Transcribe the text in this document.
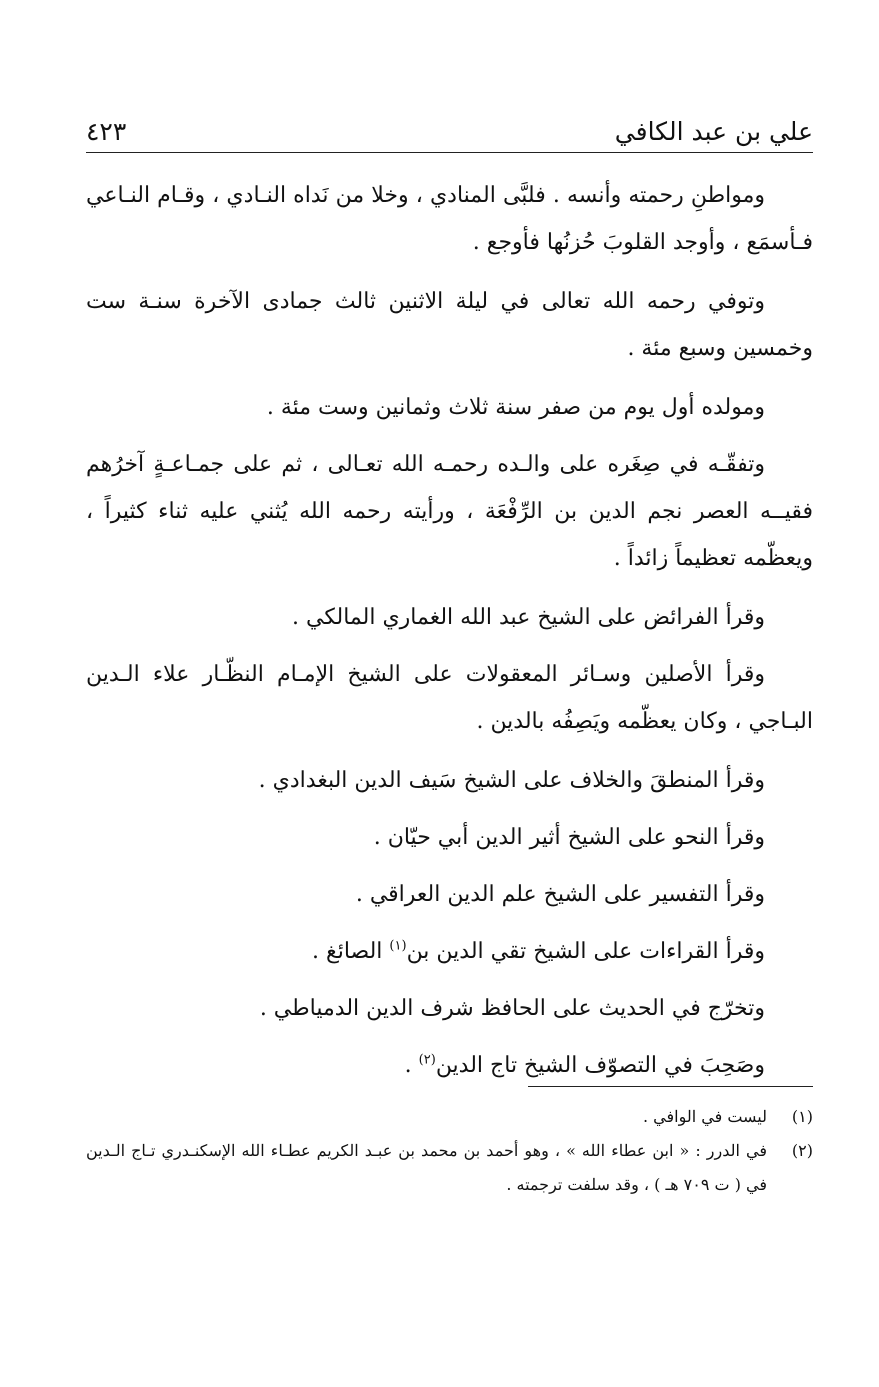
علي بن عبد الكافي
٤٢٣

ومواطنِ رحمته وأنسه . فلبَّى المنادي ، وخلا من نَداه النـادي ، وقـام النـاعي فـأسمَع ، وأوجد القلوبَ حُزنُها فأوجع .

وتوفي رحمه الله تعالى في ليلة الاثنين ثالث جمادى الآخرة سنـة ست وخمسين وسبع مئة .

ومولده أول يوم من صفر سنة ثلاث وثمانين وست مئة .

وتفقّـه في صِغَره على والـده رحمـه الله تعـالى ، ثم على جمـاعـةٍ آخرُهم فقيــه العصر نجم الدين بن الرِّفْعَة ، ورأيته رحمه الله يُثني عليه ثناء كثيراً ، ويعظّمه تعظيماً زائداً .

وقرأ الفرائض على الشيخ عبد الله الغماري المالكي .

وقرأ الأصلين وسـائر المعقولات على الشيخ الإمـام النظّـار علاء الـدين البـاجي ، وكان يعظّمه ويَصِفُه بالدين .

وقرأ المنطقَ والخلاف على الشيخ سَيف الدين البغدادي .

وقرأ النحو على الشيخ أثير الدين أبي حيّان .

وقرأ التفسير على الشيخ علم الدين العراقي .

وقرأ القراءات على الشيخ تقي الدين بن$^{(١)}$ الصائغ .

وتخرّج في الحديث على الحافظ شرف الدين الدمياطي .

وصَحِبَ في التصوّف الشيخ تاج الدين$^{(٢)}$ .

(١)
ليست في الوافي .
(٢)
في الدرر : « ابن عطاء الله » ، وهو أحمد بن محمد بن عبـد الكريم عطـاء الله الإسكنـدري تـاج الـدين في ( ت ٧٠٩ هـ ) ، وقد سلفت ترجمته .
